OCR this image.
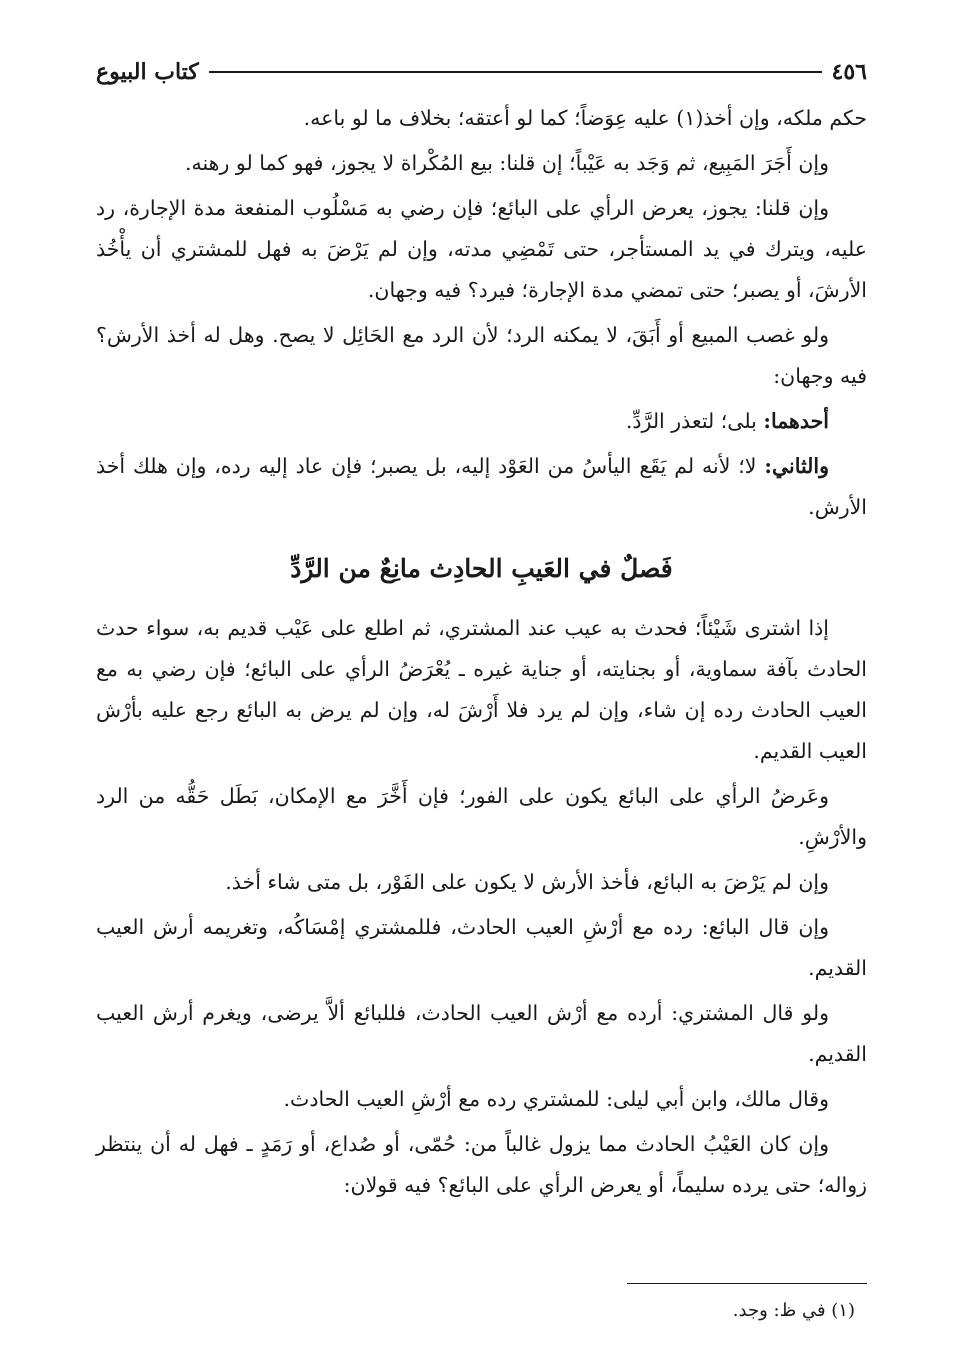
٤٥٦
كتاب البيوع

حكم ملكه، وإن أخذ(١) عليه عِوَضاً؛ كما لو أعتقه؛ بخلاف ما لو باعه.

وإن أَجَرَ المَبِيع، ثم وَجَد به عَيْباً؛ إن قلنا: بيع المُكْراة لا يجوز، فهو كما لو رهنه.

وإن قلنا: يجوز، يعرض الرأي على البائع؛ فإن رضي به مَسْلُوب المنفعة مدة الإجارة، رد عليه، ويترك في يد المستأجر، حتى تَمْضِي مدته، وإن لم يَرْضَ به فهل للمشتري أن يأْخُذ الأرشَ، أو يصبر؛ حتى تمضي مدة الإجارة؛ فيرد؟ فيه وجهان.

ولو غصب المبيع أو أَبَقَ، لا يمكنه الرد؛ لأن الرد مع الحَائِل لا يصح. وهل له أخذ الأرش؟ فيه وجهان:

أحدهما: بلى؛ لتعذر الرَّدِّ.

والثاني: لا؛ لأنه لم يَقَع اليأسُ من العَوْد إليه، بل يصبر؛ فإن عاد إليه رده، وإن هلك أخذ الأرش.

فَصلٌ في العَيبِ الحادِث مانِعٌ من الرَّدِّ

إذا اشترى شَيْئاً؛ فحدث به عيب عند المشتري، ثم اطلع على عَيْب قديم به، سواء حدث الحادث بآفة سماوية، أو بجنايته، أو جناية غيره ـ يُعْرَضُ الرأي على البائع؛ فإن رضي به مع العيب الحادث رده إن شاء، وإن لم يرد فلا أَرْشَ له، وإن لم يرض به البائع رجع عليه بأرْش العيب القديم.

وعَرضُ الرأي على البائع يكون على الفور؛ فإن أَخَّرَ مع الإمكان، بَطَل حَقُّه من الرد والأرْشِ.

وإن لم يَرْضَ به البائع، فأخذ الأرش لا يكون على الفَوْر، بل متى شاء أخذ.

وإن قال البائع: رده مع أرْشِ العيب الحادث، فللمشتري إمْسَاكُه، وتغريمه أرش العيب القديم.

ولو قال المشتري: أرده مع أرْش العيب الحادث، فللبائع ألاَّ يرضى، ويغرم أرش العيب القديم.

وقال مالك، وابن أبي ليلى: للمشتري رده مع أرْشِ العيب الحادث.

وإن كان العَيْبُ الحادث مما يزول غالباً من: حُمّى، أو صُداع، أو رَمَدٍ ـ فهل له أن ينتظر زواله؛ حتى يرده سليماً، أو يعرض الرأي على البائع؟ فيه قولان:

(١) في ظ: وجد.
